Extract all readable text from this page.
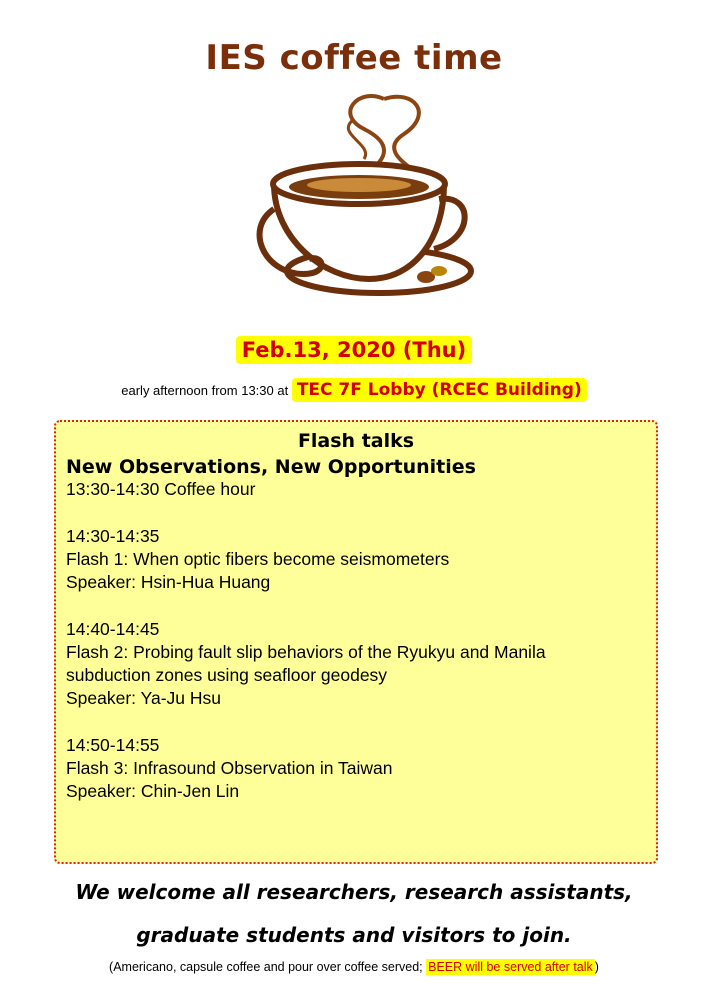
IES coffee time
Feb.13, 2020 (Thu)
early afternoon from 13:30 at TEC 7F Lobby (RCEC Building)
Flash talks
New Observations, New Opportunities
13:30-14:30 Coffee hour
14:30-14:35
Flash 1: When optic fibers become seismometers
Speaker: Hsin-Hua Huang
14:40-14:45
Flash 2: Probing fault slip behaviors of the Ryukyu and Manila
subduction zones using seafloor geodesy
Speaker: Ya-Ju Hsu
14:50-14:55
Flash 3: Infrasound Observation in Taiwan
Speaker: Chin-Jen Lin
We welcome all researchers, research assistants,
graduate students and visitors to join.
(Americano, capsule coffee and pour over coffee served; BEER will be served after talk )
